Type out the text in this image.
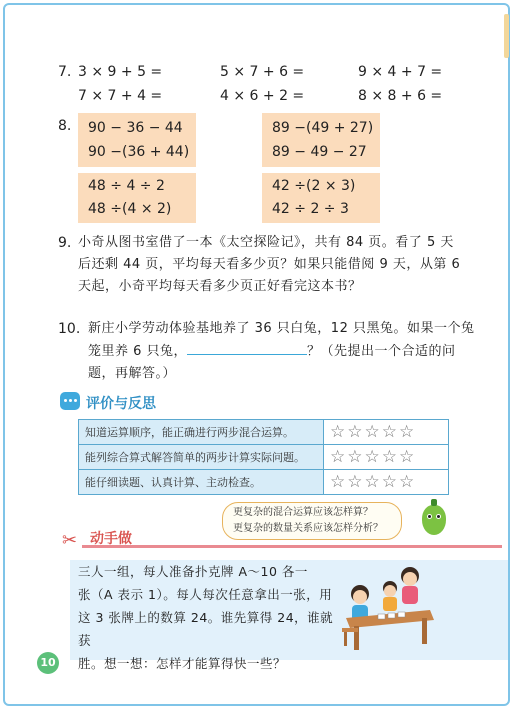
7. 3 × 9 + 5 =	5 × 7 + 6 =	9 × 4 + 7 =
7 × 7 + 4 =	4 × 6 + 2 =	8 × 8 + 6 =
8. 90 − 36 − 44
90 −(36 + 44)
89 −(49 + 27)
89 − 49 − 27
48 ÷ 4 ÷ 2
48 ÷(4 × 2)
42 ÷(2 × 3)
42 ÷ 2 ÷ 3
9. 小奇从图书室借了一本《太空探险记》，共有 84 页。看了 5 天
后还剩 44 页，平均每天看多少页？如果只能借阅 9 天，从第 6
天起，小奇平均每天看多少页正好看完这本书？
10. 新庄小学劳动体验基地养了 36 只白兔，12 只黑兔。如果一个兔
笼里养 6 只兔，	？（先提出一个合适的问
题，再解答。）
评价与反思
知道运算顺序，能正确进行两步混合运算。	☆☆☆☆☆
能列综合算式解答简单的两步计算实际问题。	☆☆☆☆☆
能仔细读题、认真计算、主动检查。	☆☆☆☆☆
更复杂的混合运算应该怎样算？
更复杂的数量关系应该怎样分析？
✂ 动手做
三人一组，每人准备扑克牌 A～10 各一
张（A 表示 1）。每人每次任意拿出一张，用
这 3 张牌上的数算 24。谁先算得 24，谁就获
胜。想一想：怎样才能算得快一些？
10
